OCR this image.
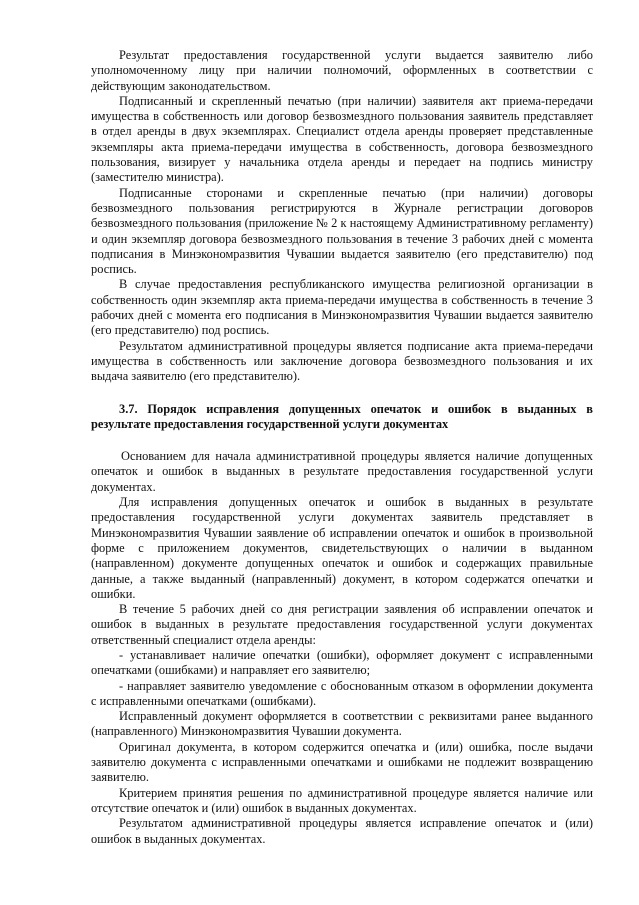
Результат предоставления государственной услуги выдается заявителю либо уполномоченному лицу при наличии полномочий, оформленных в соответствии с действующим законодательством.

Подписанный и скрепленный печатью (при наличии) заявителя акт приема-передачи имущества в собственность или договор безвозмездного пользования заявитель представляет в отдел аренды в двух экземплярах. Специалист отдела аренды проверяет представленные экземпляры акта приема-передачи имущества в собственность, договора безвозмездного пользования, визирует у начальника отдела аренды и передает на подпись министру (заместителю министра).

Подписанные сторонами и скрепленные печатью (при наличии) договоры безвозмездного пользования регистрируются в Журнале регистрации договоров безвозмездного пользования (приложение № 2 к настоящему Административному регламенту) и один экземпляр договора безвозмездного пользования в течение 3 рабочих дней с момента подписания в Минэкономразвития Чувашии выдается заявителю (его представителю) под роспись.

В случае предоставления республиканского имущества религиозной организации в собственность один экземпляр акта приема-передачи имущества в собственность в течение 3 рабочих дней с момента его подписания в Минэкономразвития Чувашии выдается заявителю (его представителю) под роспись.

Результатом административной процедуры является подписание акта приема-передачи имущества в собственность или заключение договора безвозмездного пользования и их выдача заявителю (его представителю).

3.7. Порядок исправления допущенных опечаток и ошибок в выданных в результате предоставления государственной услуги документах

Основанием для начала административной процедуры является наличие допущенных опечаток и ошибок в выданных в результате предоставления государственной услуги документах.

Для исправления допущенных опечаток и ошибок в выданных в результате предоставления государственной услуги документах заявитель представляет в Минэкономразвития Чувашии заявление об исправлении опечаток и ошибок в произвольной форме с приложением документов, свидетельствующих о наличии в выданном (направленном) документе допущенных опечаток и ошибок и содержащих правильные данные, а также выданный (направленный) документ, в котором содержатся опечатки и ошибки.

В течение 5 рабочих дней со дня регистрации заявления об исправлении опечаток и ошибок в выданных в результате предоставления государственной услуги документах ответственный специалист отдела аренды:

- устанавливает наличие опечатки (ошибки), оформляет документ с исправленными опечатками (ошибками) и направляет его заявителю;

- направляет заявителю уведомление с обоснованным отказом в оформлении документа с исправленными опечатками (ошибками).

Исправленный документ оформляется в соответствии с реквизитами ранее выданного (направленного) Минэкономразвития Чувашии документа.

Оригинал документа, в котором содержится опечатка и (или) ошибка, после выдачи заявителю документа с исправленными опечатками и ошибками не подлежит возвращению заявителю.

Критерием принятия решения по административной процедуре является наличие или отсутствие опечаток и (или) ошибок в выданных документах.

Результатом административной процедуры является исправление опечаток и (или) ошибок в выданных документах.
